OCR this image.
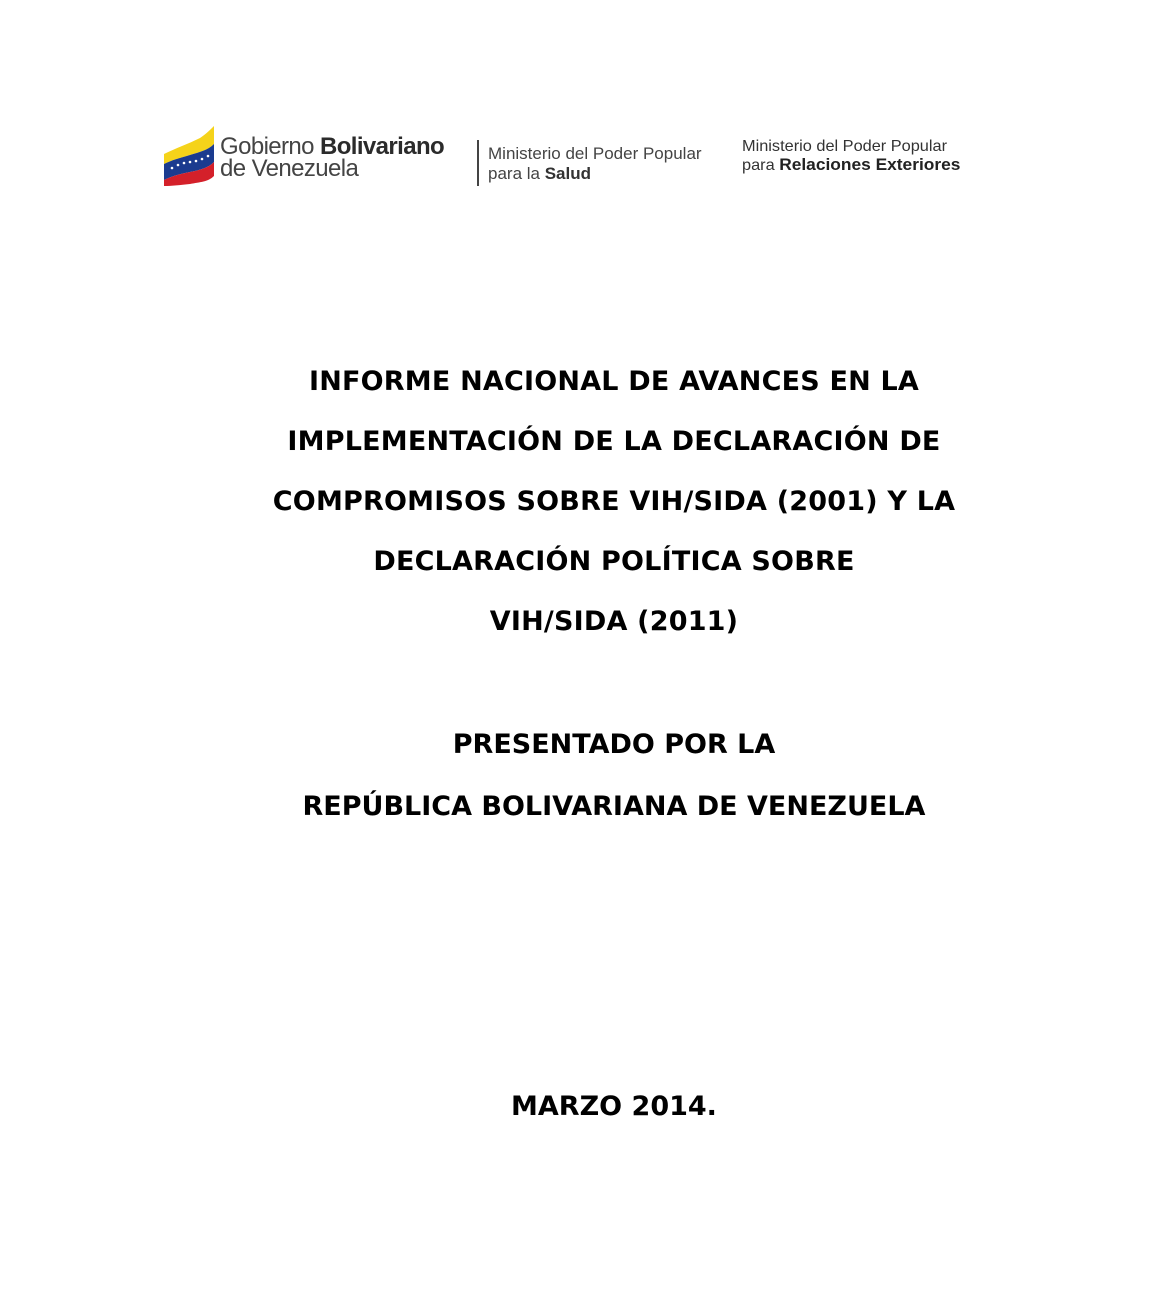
Gobierno Bolivariano
de Venezuela
Ministerio del Poder Popular
para la Salud
Ministerio del Poder Popular
para Relaciones Exteriores
INFORME NACIONAL DE AVANCES EN LA
IMPLEMENTACIÓN DE LA DECLARACIÓN DE
COMPROMISOS SOBRE VIH/SIDA (2001) Y LA
DECLARACIÓN POLÍTICA SOBRE
VIH/SIDA (2011)
PRESENTADO POR LA
REPÚBLICA BOLIVARIANA DE VENEZUELA
MARZO 2014.
